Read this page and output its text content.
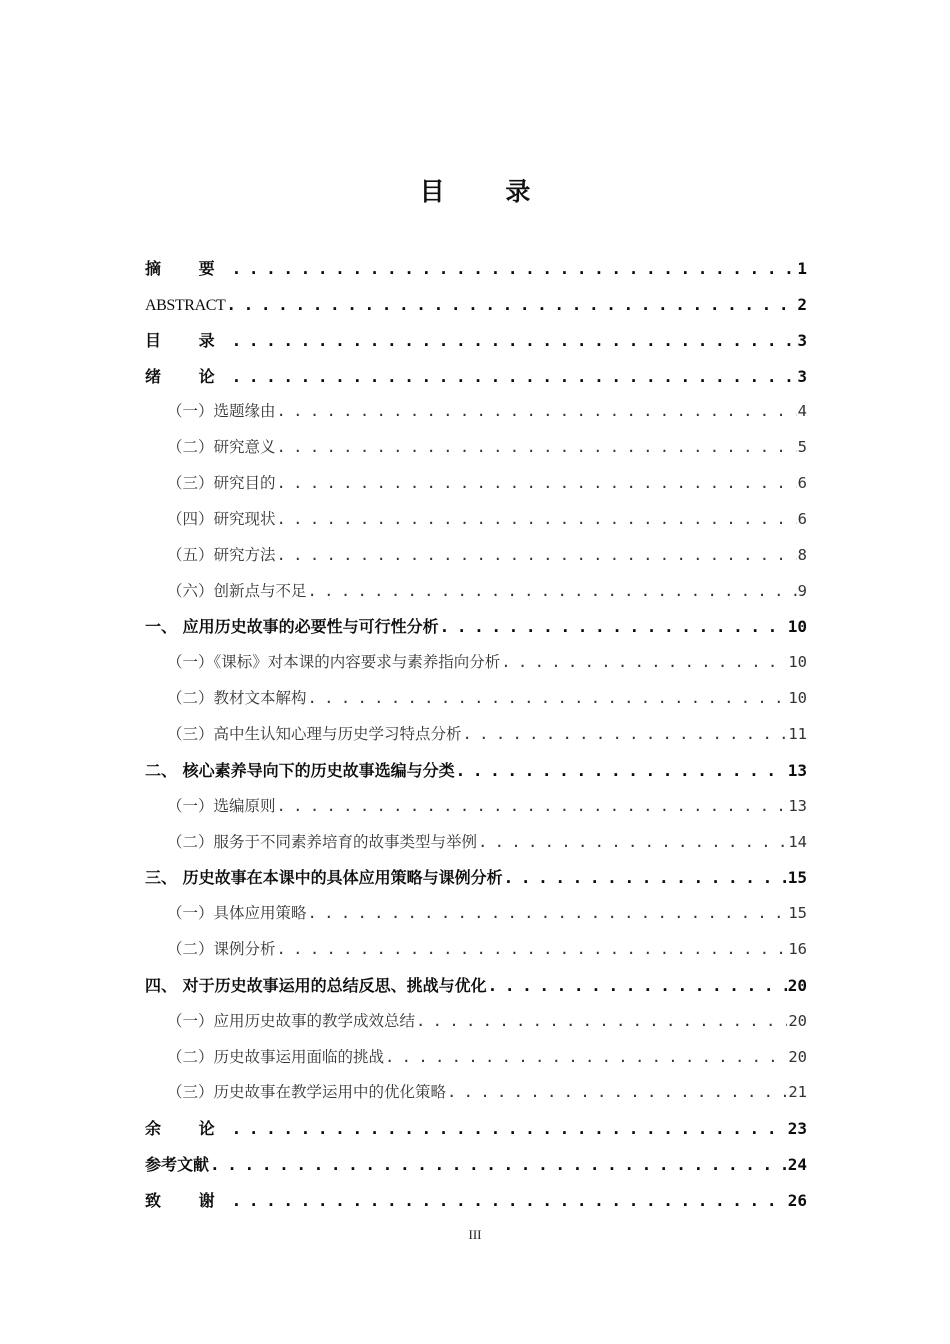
目 录
摘 要 . . .	1
ABSTRACT . . .	2
目 录 . . .	3
绪 论 . . .	3
（一）选题缘由 . . .	4
（二）研究意义 . . .	5
（三）研究目的 . . .	6
（四）研究现状 . . .	6
（五）研究方法 . . .	8
（六）创新点与不足 . . .	9
一、 应用历史故事的必要性与可行性分析 . . .	10
（一）《课标》对本课的内容要求与素养指向分析 . . .	10
（二）教材文本解构 . . .	10
（三）高中生认知心理与历史学习特点分析 . . .	11
二、 核心素养导向下的历史故事选编与分类 . . .	13
（一）选编原则 . . .	13
（二）服务于不同素养培育的故事类型与举例 . . .	14
三、 历史故事在本课中的具体应用策略与课例分析 . . .	15
（一）具体应用策略 . . .	15
（二）课例分析 . . .	16
四、 对于历史故事运用的总结反思、挑战与优化 . . .	20
（一）应用历史故事的教学成效总结 . . .	20
（二）历史故事运用面临的挑战 . . .	20
（三）历史故事在教学运用中的优化策略 . . .	21
余 论 . . .	23
参考文献 . . .	24
致 谢 . . .	26
III
